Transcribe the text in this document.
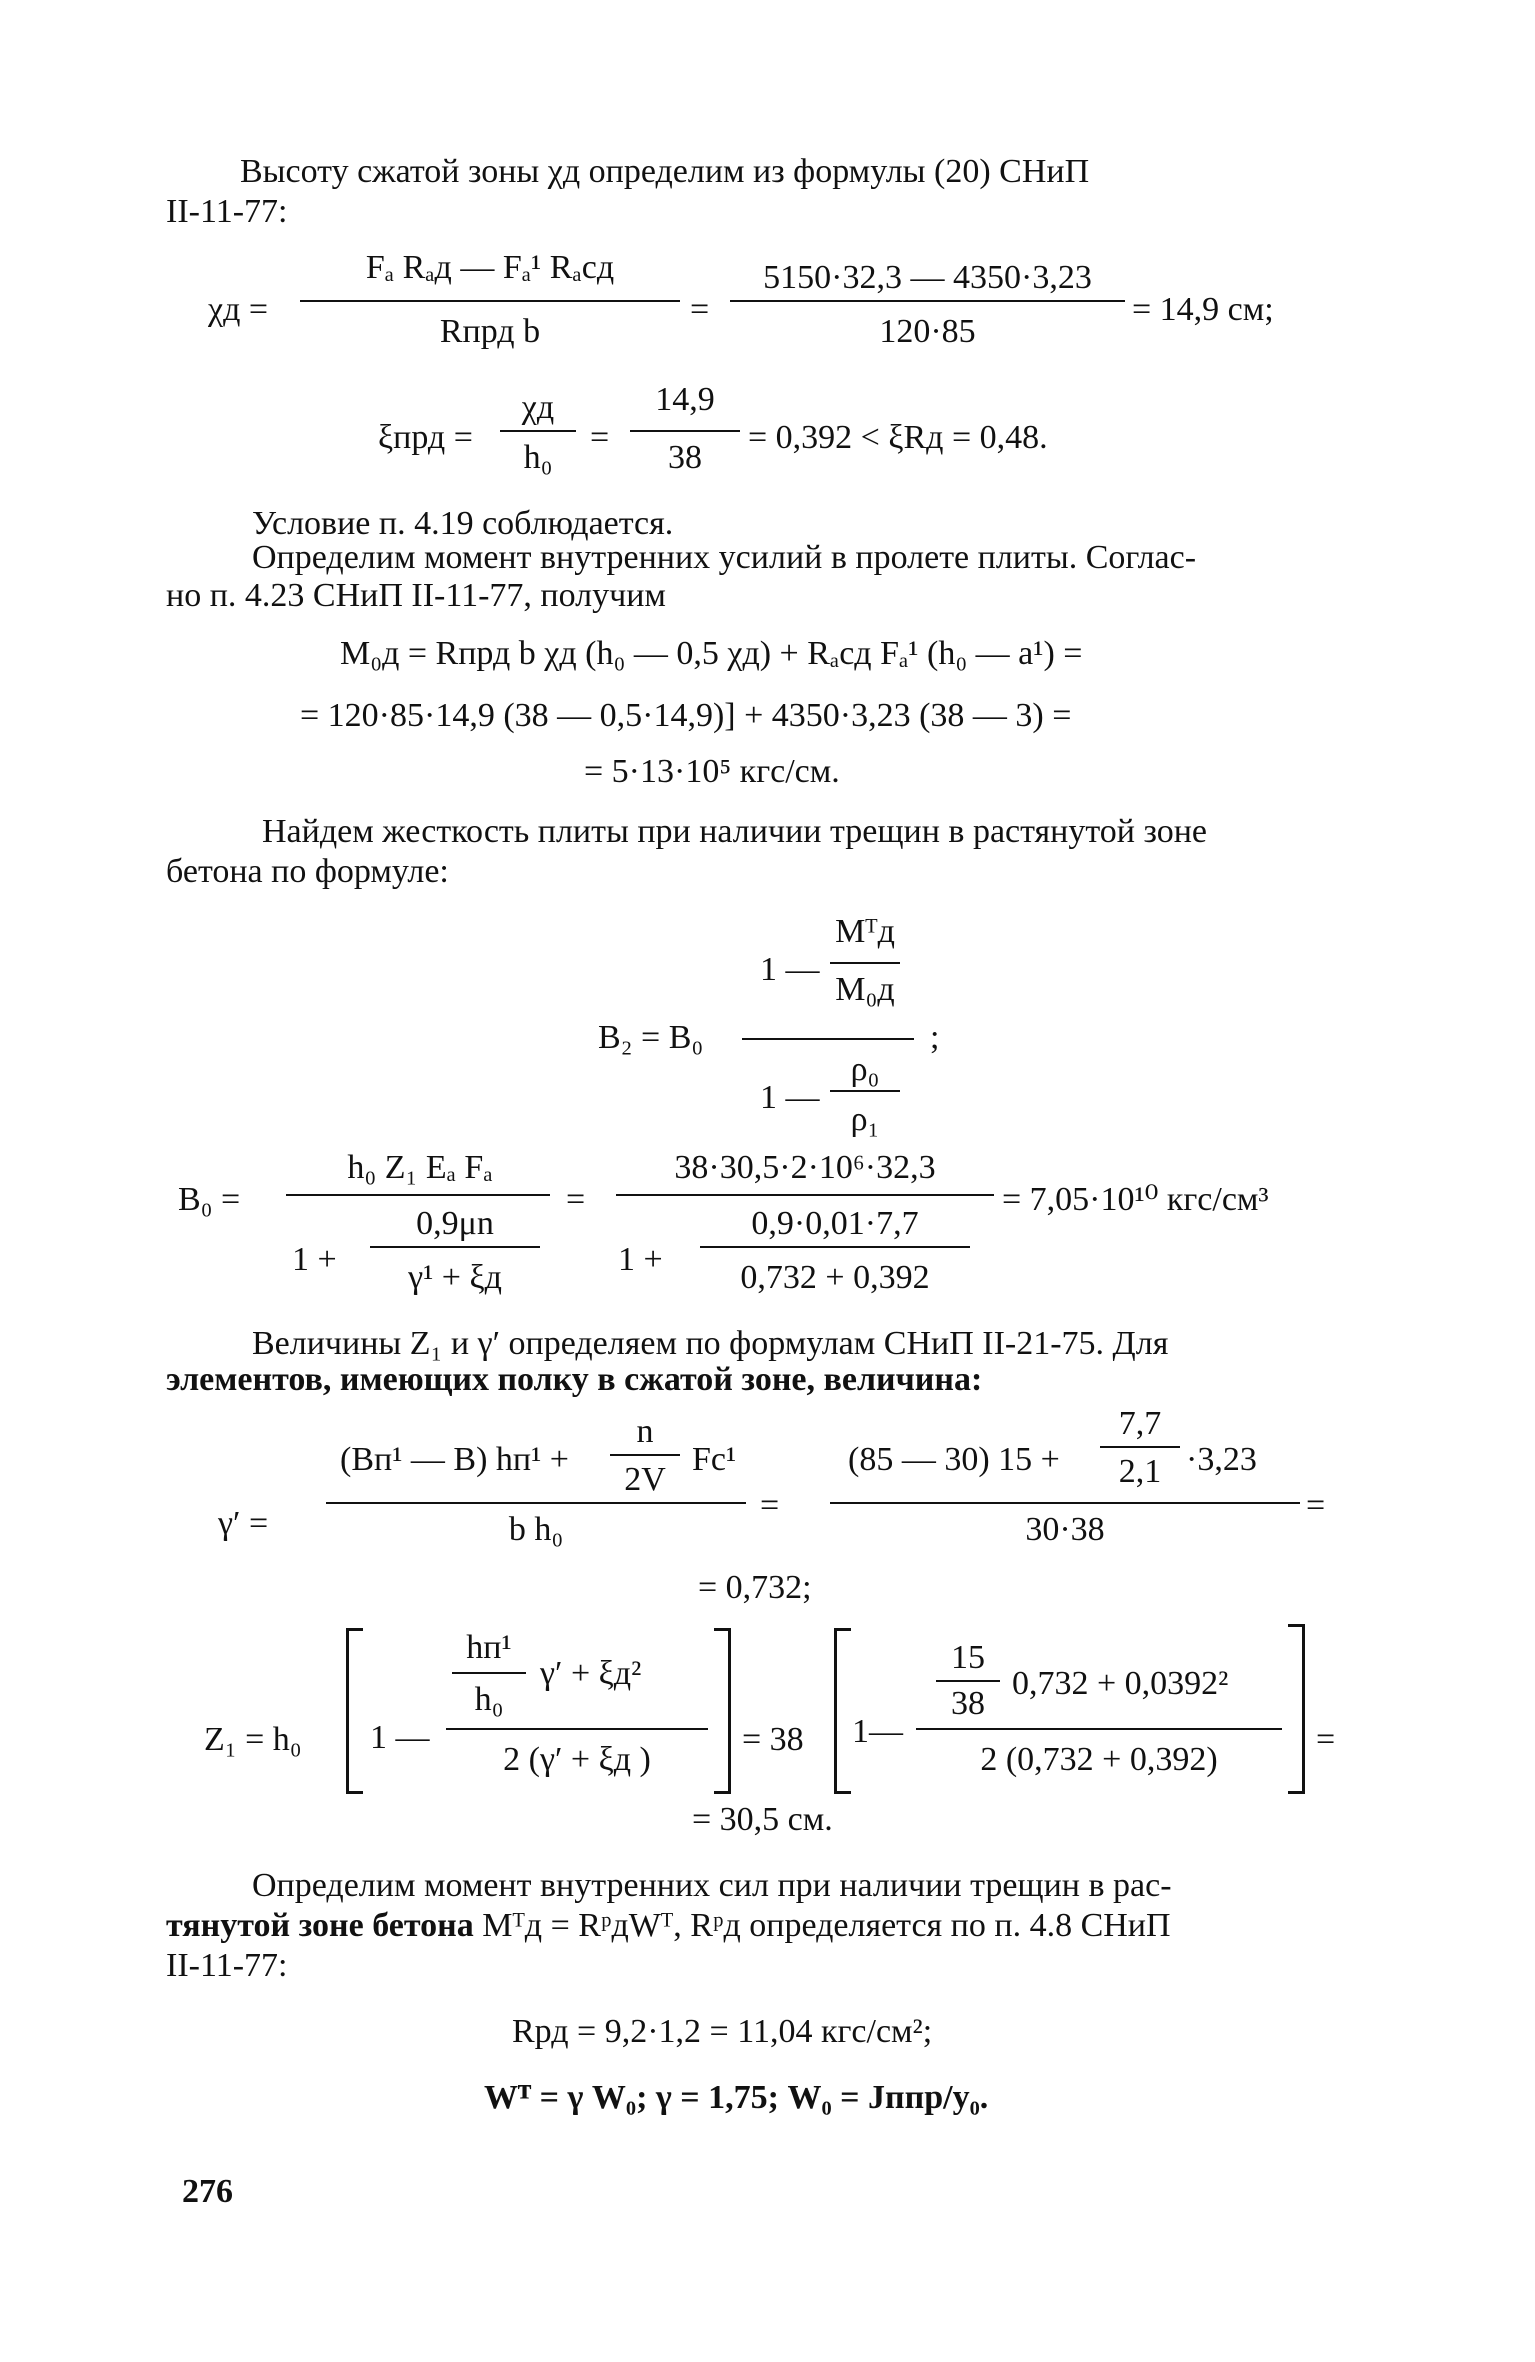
Высоту сжатой зоны χд определим из формулы (20) СНиП
II-11-77:
χд =
Fₐ Rₐд — Fₐ¹ Rₐсд
Rпрд b
=
5150·32,3 — 4350·3,23
120·85
= 14,9 см;
ξпрд =
χд
h₀
=
14,9
38
= 0,392 < ξRд = 0,48.
Условие п. 4.19 соблюдается.
Определим момент внутренних усилий в пролете плиты. Соглас-
но п. 4.23 СНиП II-11-77, получим
M₀д = Rпрд b χд (h₀ — 0,5 χд) + Rₐсд Fₐ¹ (h₀ — a¹) =
= 120·85·14,9 (38 — 0,5·14,9)] + 4350·3,23 (38 — 3) =
= 5·13·10⁵ кгс/см.
Найдем жесткость плиты при наличии трещин в растянутой зоне
бетона по формуле:
B₂ = B₀
1 —
Mᵀд
M₀д
1 —
ρ₀
ρ₁
;
B₀ =
h₀ Z₁ Eₐ Fₐ
1 +
0,9μn
γ¹ + ξд
=
38·30,5·2·10⁶·32,3
1 +
0,9·0,01·7,7
0,732 + 0,392
= 7,05·10¹⁰ кгс/см³
Величины Z₁ и γ′ определяем по формулам СНиП II-21-75. Для
элементов, имеющих полку в сжатой зоне, величина:
γ′ =
(Bп¹ — B) hп¹ +
n
2V
Fс¹
b h₀
=
(85 — 30) 15 +
7,7
2,1 ·3,23
30·38
=
= 0,732;
Z₁ = h₀ 1 —
hп¹
h₀
γ′ + ξд²
2 (γ′ + ξд )
= 38 1—
15
38
0,732 + 0,0392²
2 (0,732 + 0,392)
=
= 30,5 см.
Определим момент внутренних сил при наличии трещин в рас-
тянутой зоне бетона Mᵀд = RᵖдWᵀ, Rᵖд определяется по п. 4.8 СНиП
II-11-77:
Rрд = 9,2·1,2 = 11,04 кгс/см²;
Wᵀ = γ W₀; γ = 1,75; W₀ = Jппр/y₀.
276
